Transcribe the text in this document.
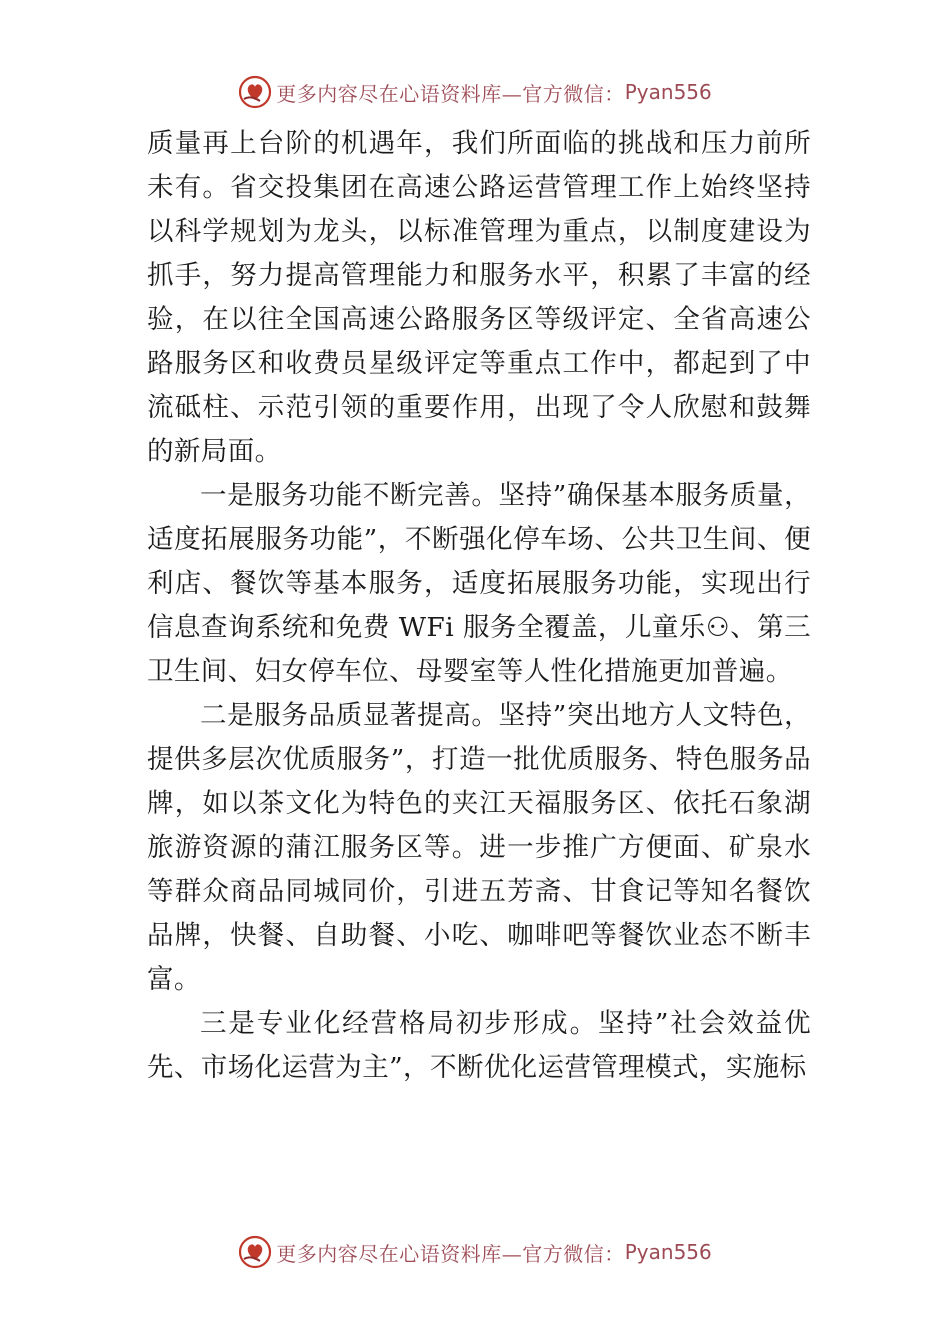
更多内容尽在心语资料库—官方微信： Pyan556

质量再上台阶的机遇年，我们所面临的挑战和压力前所未有。省交投集团在高速公路运营管理工作上始终坚持以科学规划为龙头，以标准管理为重点，以制度建设为抓手，努力提高管理能力和服务水平，积累了丰富的经验，在以往全国高速公路服务区等级评定、全省高速公路服务区和收费员星级评定等重点工作中，都起到了中流砥柱、示范引领的重要作用，出现了令人欣慰和鼓舞的新局面。

一是服务功能不断完善。坚持”确保基本服务质量，适度拓展服务功能”，不断强化停车场、公共卫生间、便利店、餐饮等基本服务，适度拓展服务功能，实现出行信息查询系统和免费 WFi 服务全覆盖，儿童乐⚇、第三卫生间、妇女停车位、母婴室等人性化措施更加普遍。

二是服务品质显著提高。坚持”突出地方人文特色，提供多层次优质服务”，打造一批优质服务、特色服务品牌，如以茶文化为特色的夹江天福服务区、依托石象湖旅游资源的蒲江服务区等。进一步推广方便面、矿泉水等群众商品同城同价，引进五芳斋、甘食记等知名餐饮品牌，快餐、自助餐、小吃、咖啡吧等餐饮业态不断丰富。

三是专业化经营格局初步形成。坚持”社会效益优先、市场化运营为主”，不断优化运营管理模式，实施标

更多内容尽在心语资料库—官方微信： Pyan556
